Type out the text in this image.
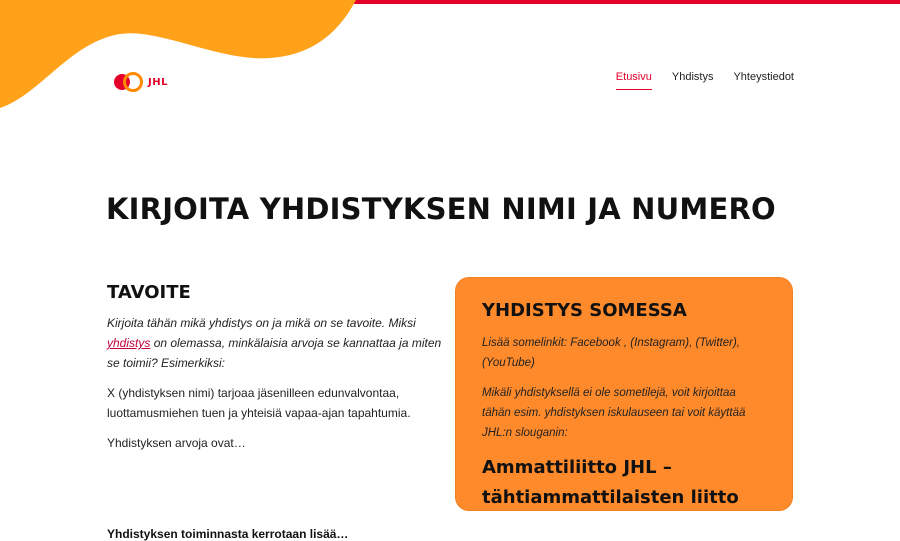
JHL	Etusivu Yhdistys Yhteystiedot
KIRJOITA YHDISTYKSEN NIMI JA NUMERO
TAVOITE

Kirjoita tähän mikä yhdistys on ja mikä on se tavoite. Miksi yhdistys on olemassa, minkälaisia arvoja se kannattaa ja miten se toimii? Esimerkiksi:

X (yhdistyksen nimi) tarjoaa jäsenilleen edunvalvontaa, luottamusmiehen tuen ja yhteisiä vapaa-ajan tapahtumia.

Yhdistyksen arvoja ovat…

Yhdistyksen toiminnasta kerrotaan lisää…
YHDISTYS SOMESSA

Lisää somelinkit: Facebook , (Instagram), (Twitter), (YouTube)

Mikäli yhdistyksellä ei ole sometilejä, voit kirjoittaa tähän esim. yhdistyksen iskulauseen tai voit käyttää JHL:n slouganin:

Ammattiliitto JHL – tähtiammattilaisten liitto
